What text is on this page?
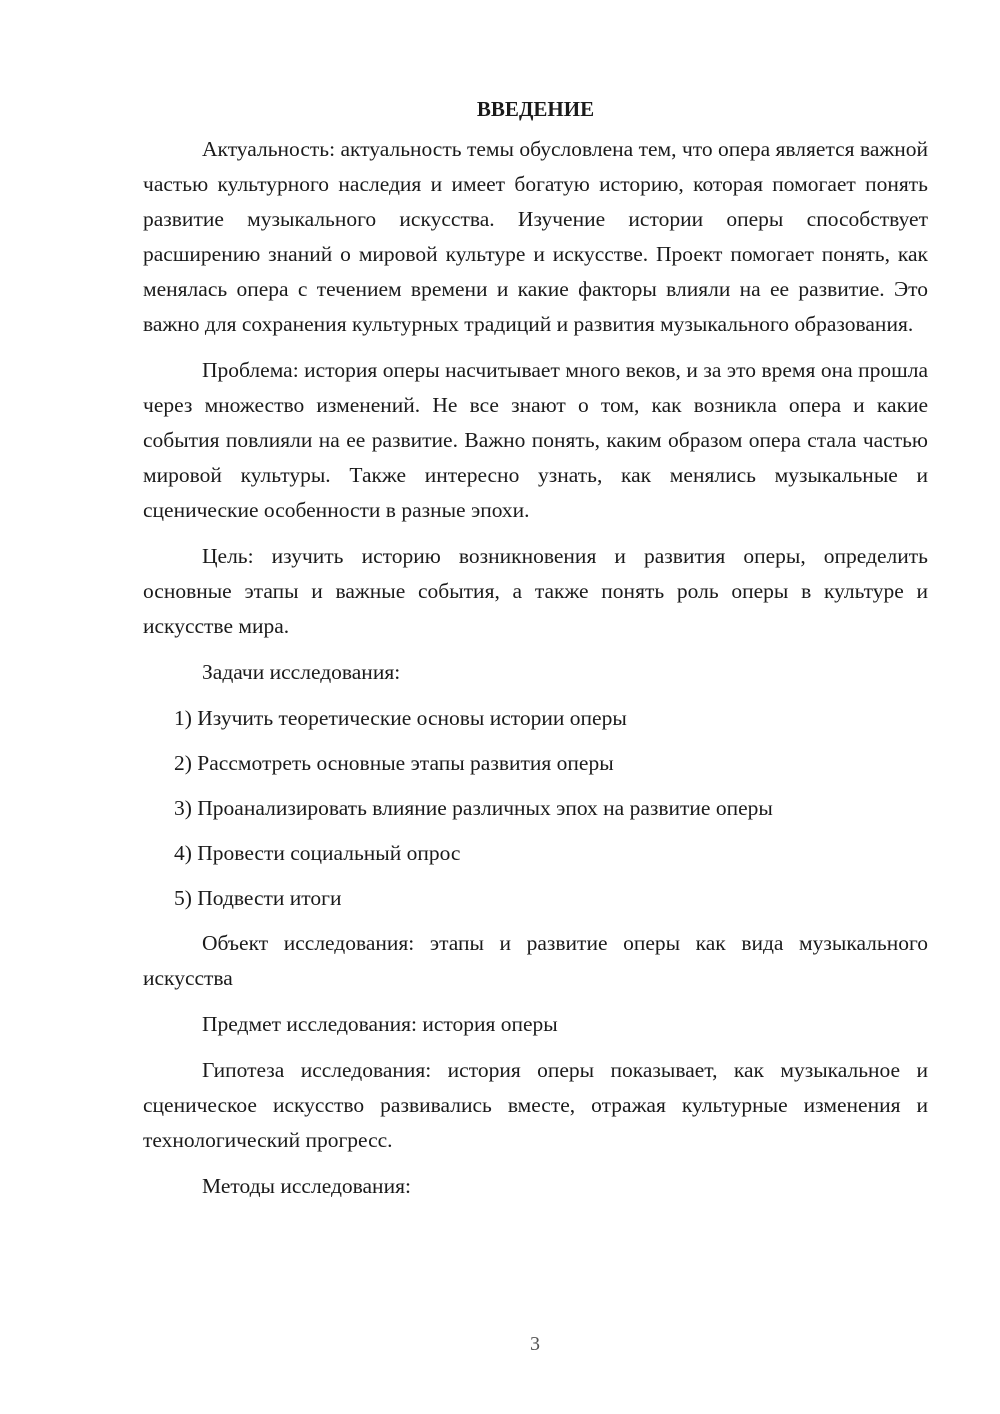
ВВЕДЕНИЕ

Актуальность: актуальность темы обусловлена тем, что опера является важной частью культурного наследия и имеет богатую историю, которая помогает понять развитие музыкального искусства. Изучение истории оперы способствует расширению знаний о мировой культуре и искусстве. Проект помогает понять, как менялась опера с течением времени и какие факторы влияли на ее развитие. Это важно для сохранения культурных традиций и развития музыкального образования.

Проблема: история оперы насчитывает много веков, и за это время она прошла через множество изменений. Не все знают о том, как возникла опера и какие события повлияли на ее развитие. Важно понять, каким образом опера стала частью мировой культуры. Также интересно узнать, как менялись музыкальные и сценические особенности в разные эпохи.

Цель: изучить историю возникновения и развития оперы, определить основные этапы и важные события, а также понять роль оперы в культуре и искусстве мира.

Задачи исследования:

1) Изучить теоретические основы истории оперы
2) Рассмотреть основные этапы развития оперы
3) Проанализировать влияние различных эпох на развитие оперы
4) Провести социальный опрос
5) Подвести итоги

Объект исследования: этапы и развитие оперы как вида музыкального искусства

Предмет исследования: история оперы

Гипотеза исследования: история оперы показывает, как музыкальное и сценическое искусство развивались вместе, отражая культурные изменения и технологический прогресс.

Методы исследования:

3
